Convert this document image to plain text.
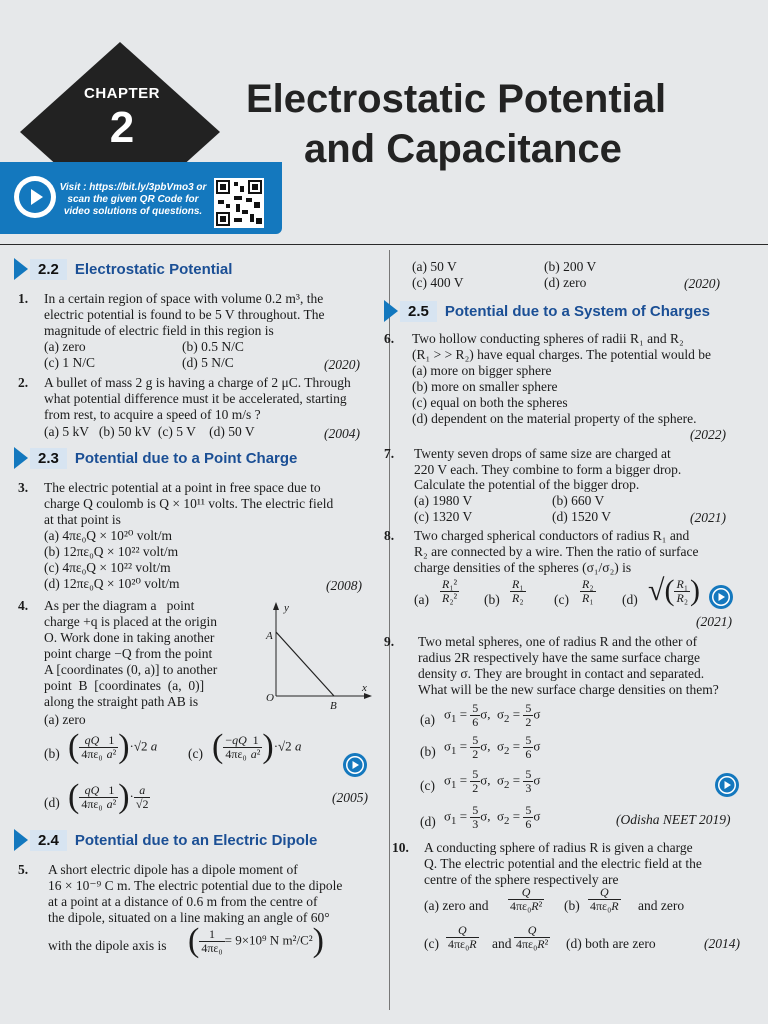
CHAPTER
2
Electrostatic Potential
and Capacitance
Visit : https://bit.ly/3pbVmo3 or scan the given QR Code for video solutions of questions.
2.2	Electrostatic Potential
1. In a certain region of space with volume 0.2 m³, the
electric potential is found to be 5 V throughout. The
magnitude of electric field in this region is
(a) zero	(b) 0.5 N/C
(c) 1 N/C	(d) 5 N/C	(2020)
2. A bullet of mass 2 g is having a charge of 2 μC. Through
what potential difference must it be accelerated, starting
from rest, to acquire a speed of 10 m/s ?
(a) 5 kV   (b) 50 kV  (c) 5 V    (d) 50 V	(2004)
2.3	Potential due to a Point Charge
3. The electric potential at a point in free space due to
charge Q coulomb is Q × 10¹¹ volts. The electric field
at that point is
(a) 4πε₀Q × 10²⁰ volt/m
(b) 12πε₀Q × 10²² volt/m
(c) 4πε₀Q × 10²² volt/m
(d) 12πε₀Q × 10²⁰ volt/m	(2008)
4. As per the diagram a   point
charge +q is placed at the origin
O. Work done in taking another
point charge −Q from the point
A [coordinates (0, a)] to another
point  B  [coordinates  (a,  0)]
along the straight path AB is
(a) zero
y
x
A
O
B
(b) ( $\frac{qQ}{\text{4πε₀}} \frac{1}{\text{a²}} )\cdot√2$ a (c) ( $\frac{-qQ}{\text{4πε₀}} \frac{1}{\text{a²}} )\cdot√2$ a
(d) ( $\frac{qQ}{\text{4πε₀}} \frac{1}{\text{a²}}$ )· $\frac{a}{√2}$	(2005)
2.4	Potential due to an Electric Dipole
5. A short electric dipole has a dipole moment of
16 × 10⁻⁹ C m. The electric potential due to the dipole
at a point at a distance of 0.6 m from the centre of
the dipole, situated on a line making an angle of 60°
with the dipole axis is ( $\frac{1}{\text{4πε₀}} = 9\times 10^9$ N m²/C²)
(a) 50 V	(b) 200 V
(c) 400 V	(d) zero	(2020)
2.5	Potential due to a System of Charges
6. Two hollow conducting spheres of radii R₁ and R₂
(R₁ > > R₂) have equal charges. The potential would be
(a) more on bigger sphere
(b) more on smaller sphere
(c) equal on both the spheres
(d) dependent on the material property of the sphere.
(2022)
7. Twenty seven drops of same size are charged at
220 V each. They combine to form a bigger drop.
Calculate the potential of the bigger drop.
(a) 1980 V	(b) 660 V
(c) 1320 V	(d) 1520 V	(2021)
8. Two charged spherical conductors of radius R₁ and
R₂ are connected by a wire. Then the ratio of surface
charge densities of the spheres (σ₁/σ₂) is
$(a) \frac{\text{R₁²}}{\text{R₂²}} (b) \frac{\text{R₁}}{\text{R₂}} (c) \frac{\text{R₂}}{\text{R₁}} (d)$ √( $\frac{\text{R₁}}{\text{R₂}}$ )
(2021)
9. Two metal spheres, one of radius R and the other of
radius 2R respectively have the same surface charge
density σ. They are brought in contact and separated.
What will be the new surface charge densities on them?
(a) $\sigma_1 = \frac{5}{6} \sigma$,  $\sigma_2 = \frac{5}{2}$ σ
(b) $\sigma_1 = \frac{5}{2} \sigma$,  $\sigma_2 = \frac{5}{6}$ σ
(c) $\sigma_1 = \frac{5}{2} \sigma$,  $\sigma_2 = \frac{5}{3}$ σ
(d) $\sigma_1 = \frac{5}{3} \sigma$,  $\sigma_2 = \frac{5}{6}$ σ	(Odisha NEET 2019)
10. A conducting sphere of radius R is given a charge
Q. The electric potential and the electric field at the
centre of the sphere respectively are
(a) zero and $\frac{Q}{\text{4πε₀R²}} (b) \frac{Q}{\text{4πε₀R}}$ and zero
$(c) \frac{Q}{\text{4πε₀R}}$ and $\frac{Q}{\text{4πε₀R²}} (d)$ both are zero	(2014)
